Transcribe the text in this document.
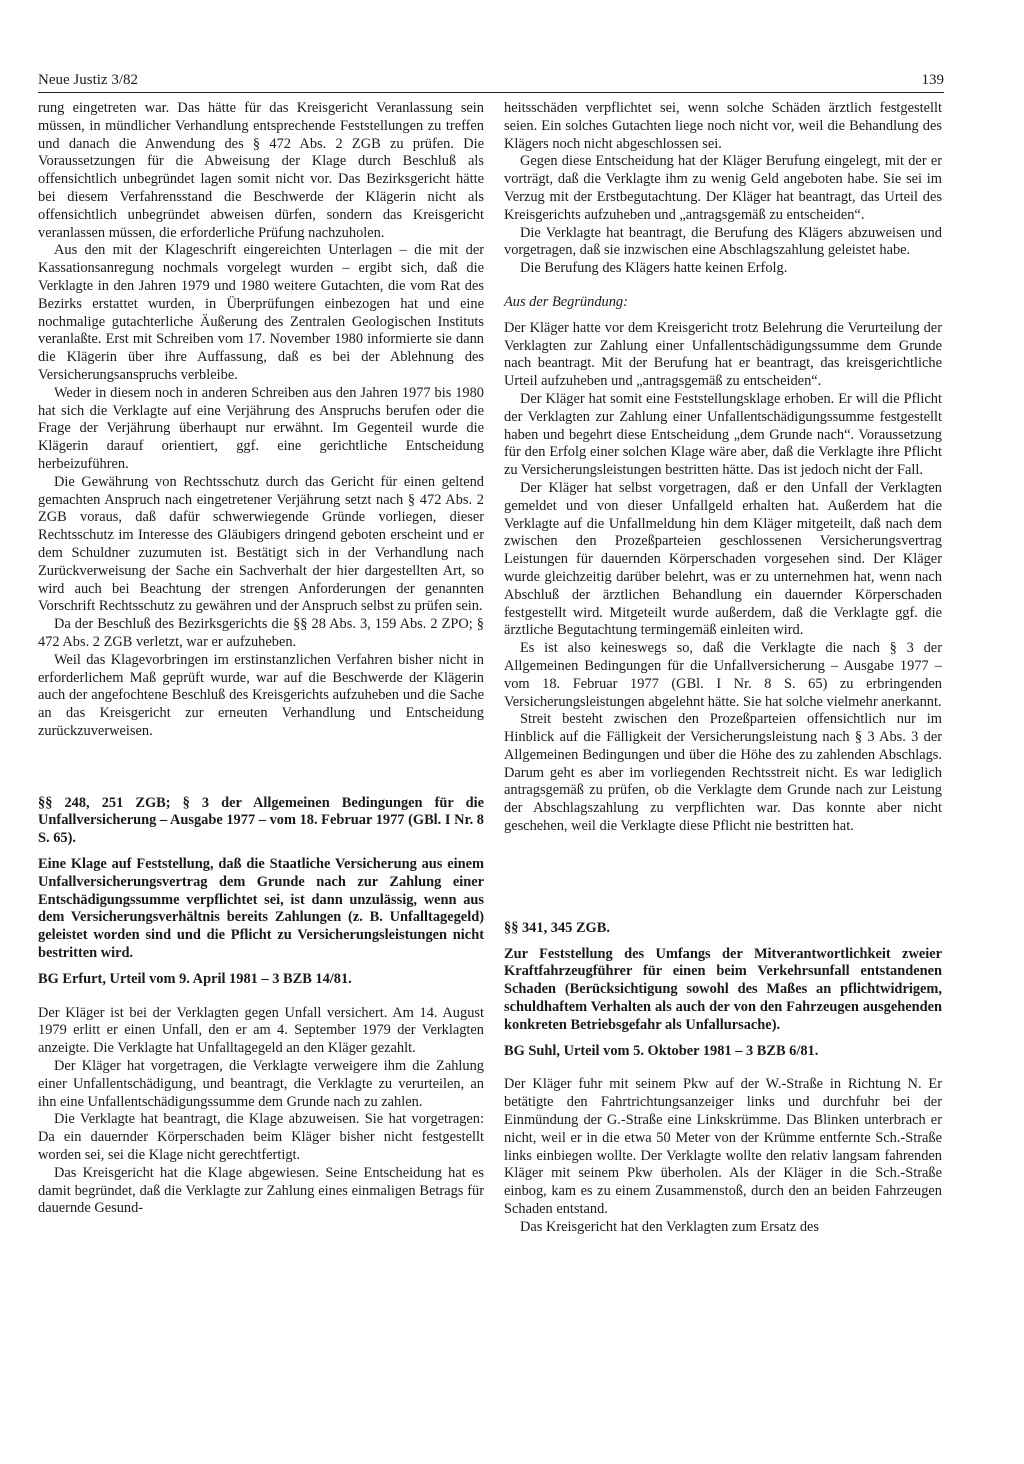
Neue Justiz 3/82	139

rung eingetreten war. Das hätte für das Kreisgericht Veranlassung sein müssen, in mündlicher Verhandlung entsprechende Feststellungen zu treffen und danach die Anwendung des § 472 Abs. 2 ZGB zu prüfen. Die Voraussetzungen für die Abweisung der Klage durch Beschluß als offensichtlich unbegründet lagen somit nicht vor. Das Bezirksgericht hätte bei diesem Verfahrensstand die Beschwerde der Klägerin nicht als offensichtlich unbegründet abweisen dürfen, sondern das Kreisgericht veranlassen müssen, die erforderliche Prüfung nachzuholen.

Aus den mit der Klageschrift eingereichten Unterlagen – die mit der Kassationsanregung nochmals vorgelegt wurden – ergibt sich, daß die Verklagte in den Jahren 1979 und 1980 weitere Gutachten, die vom Rat des Bezirks erstattet wurden, in Überprüfungen einbezogen hat und eine nochmalige gutachterliche Äußerung des Zentralen Geologischen Instituts veranlaßte. Erst mit Schreiben vom 17. November 1980 informierte sie dann die Klägerin über ihre Auffassung, daß es bei der Ablehnung des Versicherungsanspruchs verbleibe.

Weder in diesem noch in anderen Schreiben aus den Jahren 1977 bis 1980 hat sich die Verklagte auf eine Verjährung des Anspruchs berufen oder die Frage der Verjährung überhaupt nur erwähnt. Im Gegenteil wurde die Klägerin darauf orientiert, ggf. eine gerichtliche Entscheidung herbeizuführen.

Die Gewährung von Rechtsschutz durch das Gericht für einen geltend gemachten Anspruch nach eingetretener Verjährung setzt nach § 472 Abs. 2 ZGB voraus, daß dafür schwerwiegende Gründe vorliegen, dieser Rechtsschutz im Interesse des Gläubigers dringend geboten erscheint und er dem Schuldner zuzumuten ist. Bestätigt sich in der Verhandlung nach Zurückverweisung der Sache ein Sachverhalt der hier dargestellten Art, so wird auch bei Beachtung der strengen Anforderungen der genannten Vorschrift Rechtsschutz zu gewähren und der Anspruch selbst zu prüfen sein.

Da der Beschluß des Bezirksgerichts die §§ 28 Abs. 3, 159 Abs. 2 ZPO; § 472 Abs. 2 ZGB verletzt, war er aufzuheben.

Weil das Klagevorbringen im erstinstanzlichen Verfahren bisher nicht in erforderlichem Maß geprüft wurde, war auf die Beschwerde der Klägerin auch der angefochtene Beschluß des Kreisgerichts aufzuheben und die Sache an das Kreisgericht zur erneuten Verhandlung und Entscheidung zurückzuverweisen.

§§ 248, 251 ZGB; § 3 der Allgemeinen Bedingungen für die Unfallversicherung – Ausgabe 1977 – vom 18. Februar 1977 (GBl. I Nr. 8 S. 65).

Eine Klage auf Feststellung, daß die Staatliche Versicherung aus einem Unfallversicherungsvertrag dem Grunde nach zur Zahlung einer Entschädigungssumme verpflichtet sei, ist dann unzulässig, wenn aus dem Versicherungsverhältnis bereits Zahlungen (z. B. Unfalltagegeld) geleistet worden sind und die Pflicht zu Versicherungsleistungen nicht bestritten wird.

BG Erfurt, Urteil vom 9. April 1981 – 3 BZB 14/81.

Der Kläger ist bei der Verklagten gegen Unfall versichert. Am 14. August 1979 erlitt er einen Unfall, den er am 4. September 1979 der Verklagten anzeigte. Die Verklagte hat Unfalltagegeld an den Kläger gezahlt.

Der Kläger hat vorgetragen, die Verklagte verweigere ihm die Zahlung einer Unfallentschädigung, und beantragt, die Verklagte zu verurteilen, an ihn eine Unfallentschädigungssumme dem Grunde nach zu zahlen.

Die Verklagte hat beantragt, die Klage abzuweisen. Sie hat vorgetragen: Da ein dauernder Körperschaden beim Kläger bisher nicht festgestellt worden sei, sei die Klage nicht gerechtfertigt.

Das Kreisgericht hat die Klage abgewiesen. Seine Entscheidung hat es damit begründet, daß die Verklagte zur Zahlung eines einmaligen Betrags für dauernde Gesund-

heitsschäden verpflichtet sei, wenn solche Schäden ärztlich festgestellt seien. Ein solches Gutachten liege noch nicht vor, weil die Behandlung des Klägers noch nicht abgeschlossen sei.

Gegen diese Entscheidung hat der Kläger Berufung eingelegt, mit der er vorträgt, daß die Verklagte ihm zu wenig Geld angeboten habe. Sie sei im Verzug mit der Erstbegutachtung. Der Kläger hat beantragt, das Urteil des Kreisgerichts aufzuheben und „antragsgemäß zu entscheiden“.

Die Verklagte hat beantragt, die Berufung des Klägers abzuweisen und vorgetragen, daß sie inzwischen eine Abschlagszahlung geleistet habe.

Die Berufung des Klägers hatte keinen Erfolg.

Aus der Begründung:

Der Kläger hatte vor dem Kreisgericht trotz Belehrung die Verurteilung der Verklagten zur Zahlung einer Unfallentschädigungssumme dem Grunde nach beantragt. Mit der Berufung hat er beantragt, das kreisgerichtliche Urteil aufzuheben und „antragsgemäß zu entscheiden“.

Der Kläger hat somit eine Feststellungsklage erhoben. Er will die Pflicht der Verklagten zur Zahlung einer Unfallentschädigungssumme festgestellt haben und begehrt diese Entscheidung „dem Grunde nach“. Voraussetzung für den Erfolg einer solchen Klage wäre aber, daß die Verklagte ihre Pflicht zu Versicherungsleistungen bestritten hätte. Das ist jedoch nicht der Fall.

Der Kläger hat selbst vorgetragen, daß er den Unfall der Verklagten gemeldet und von dieser Unfallgeld erhalten hat. Außerdem hat die Verklagte auf die Unfallmeldung hin dem Kläger mitgeteilt, daß nach dem zwischen den Prozeßparteien geschlossenen Versicherungsvertrag Leistungen für dauernden Körperschaden vorgesehen sind. Der Kläger wurde gleichzeitig darüber belehrt, was er zu unternehmen hat, wenn nach Abschluß der ärztlichen Behandlung ein dauernder Körperschaden festgestellt wird. Mitgeteilt wurde außerdem, daß die Verklagte ggf. die ärztliche Begutachtung termingemäß einleiten wird.

Es ist also keineswegs so, daß die Verklagte die nach § 3 der Allgemeinen Bedingungen für die Unfallversicherung – Ausgabe 1977 – vom 18. Februar 1977 (GBl. I Nr. 8 S. 65) zu erbringenden Versicherungsleistungen abgelehnt hätte. Sie hat solche vielmehr anerkannt.

Streit besteht zwischen den Prozeßparteien offensichtlich nur im Hinblick auf die Fälligkeit der Versicherungsleistung nach § 3 Abs. 3 der Allgemeinen Bedingungen und über die Höhe des zu zahlenden Abschlags. Darum geht es aber im vorliegenden Rechtsstreit nicht. Es war lediglich antragsgemäß zu prüfen, ob die Verklagte dem Grunde nach zur Leistung der Abschlagszahlung zu verpflichten war. Das konnte aber nicht geschehen, weil die Verklagte diese Pflicht nie bestritten hat.

§§ 341, 345 ZGB.

Zur Feststellung des Umfangs der Mitverantwortlichkeit zweier Kraftfahrzeugführer für einen beim Verkehrsunfall entstandenen Schaden (Berücksichtigung sowohl des Maßes an pflichtwidrigem, schuldhaftem Verhalten als auch der von den Fahrzeugen ausgehenden konkreten Betriebsgefahr als Unfallursache).

BG Suhl, Urteil vom 5. Oktober 1981 – 3 BZB 6/81.

Der Kläger fuhr mit seinem Pkw auf der W.-Straße in Richtung N. Er betätigte den Fahrtrichtungsanzeiger links und durchfuhr bei der Einmündung der G.-Straße eine Linkskrümme. Das Blinken unterbrach er nicht, weil er in die etwa 50 Meter von der Krümme entfernte Sch.-Straße links einbiegen wollte. Der Verklagte wollte den relativ langsam fahrenden Kläger mit seinem Pkw überholen. Als der Kläger in die Sch.-Straße einbog, kam es zu einem Zusammenstoß, durch den an beiden Fahrzeugen Schaden entstand.

Das Kreisgericht hat den Verklagten zum Ersatz des
